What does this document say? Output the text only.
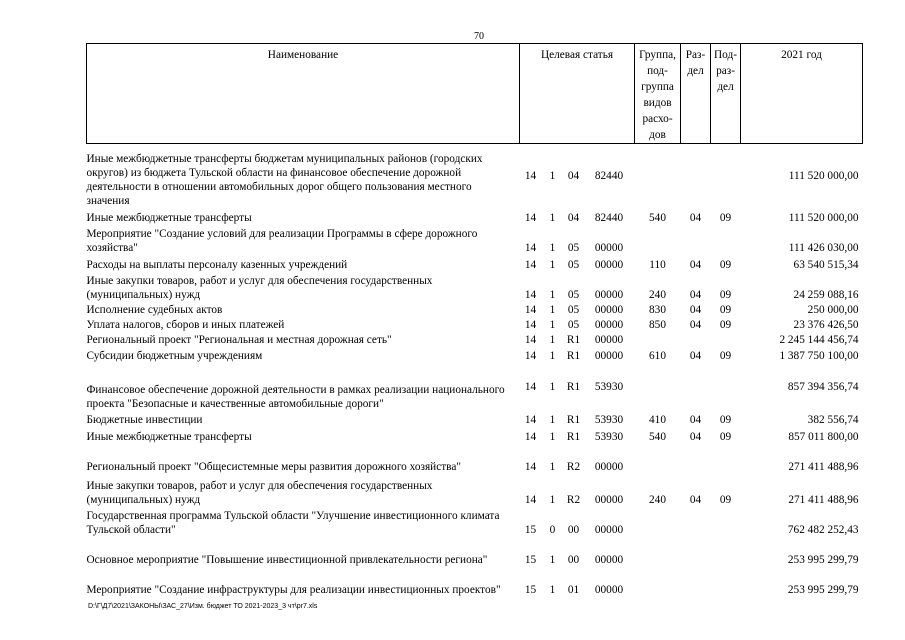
70
Наименование	Целевая статья				Группа, под- группа видов расхо- дов	Раз- дел	Под- раз- дел	2021 год

Иные межбюджетные трансферты бюджетам муниципальных районов (городских округов) из бюджета Тульской области на финансовое обеспечение дорожной деятельности в отношении автомобильных дорог общего пользования местного значения	14	1	04	82440				111 520 000,00
Иные межбюджетные трансферты	14	1	04	82440	540	04	09	111 520 000,00
Мероприятие "Создание условий для реализации Программы в сфере дорожного хозяйства"	14	1	05	00000				111 426 030,00
Расходы на выплаты персоналу казенных учреждений	14	1	05	00000	110	04	09	63 540 515,34
Иные закупки товаров, работ и услуг для обеспечения государственных (муниципальных) нужд	14	1	05	00000	240	04	09	24 259 088,16
Исполнение судебных актов	14	1	05	00000	830	04	09	250 000,00
Уплата налогов, сборов и иных платежей	14	1	05	00000	850	04	09	23 376 426,50
Региональный проект "Региональная и местная дорожная сеть"	14	1	R1	00000				2 245 144 456,74
Субсидии бюджетным учреждениям	14	1	R1	00000	610	04	09	1 387 750 100,00
Финансовое обеспечение дорожной деятельности в рамках реализации национального проекта "Безопасные и качественные автомобильные дороги"	14	1	R1	53930				857 394 356,74
Бюджетные инвестиции	14	1	R1	53930	410	04	09	382 556,74
Иные межбюджетные трансферты	14	1	R1	53930	540	04	09	857 011 800,00
Региональный проект "Общесистемные меры развития дорожного хозяйства"	14	1	R2	00000				271 411 488,96
Иные закупки товаров, работ и услуг для обеспечения государственных (муниципальных) нужд	14	1	R2	00000	240	04	09	271 411 488,96
Государственная программа Тульской области "Улучшение инвестиционного климата Тульской области"	15	0	00	00000				762 482 252,43
Основное мероприятие "Повышение инвестиционной привлекательности региона"	15	1	00	00000				253 995 299,79
Мероприятие "Создание инфраструктуры для реализации инвестиционных проектов"	15	1	01	00000				253 995 299,79
D:\Г\Д7\2021\ЗАКОНЫ\ЗАС_27\Изм. бюджет ТО 2021-2023_3 чт\pr7.xls
